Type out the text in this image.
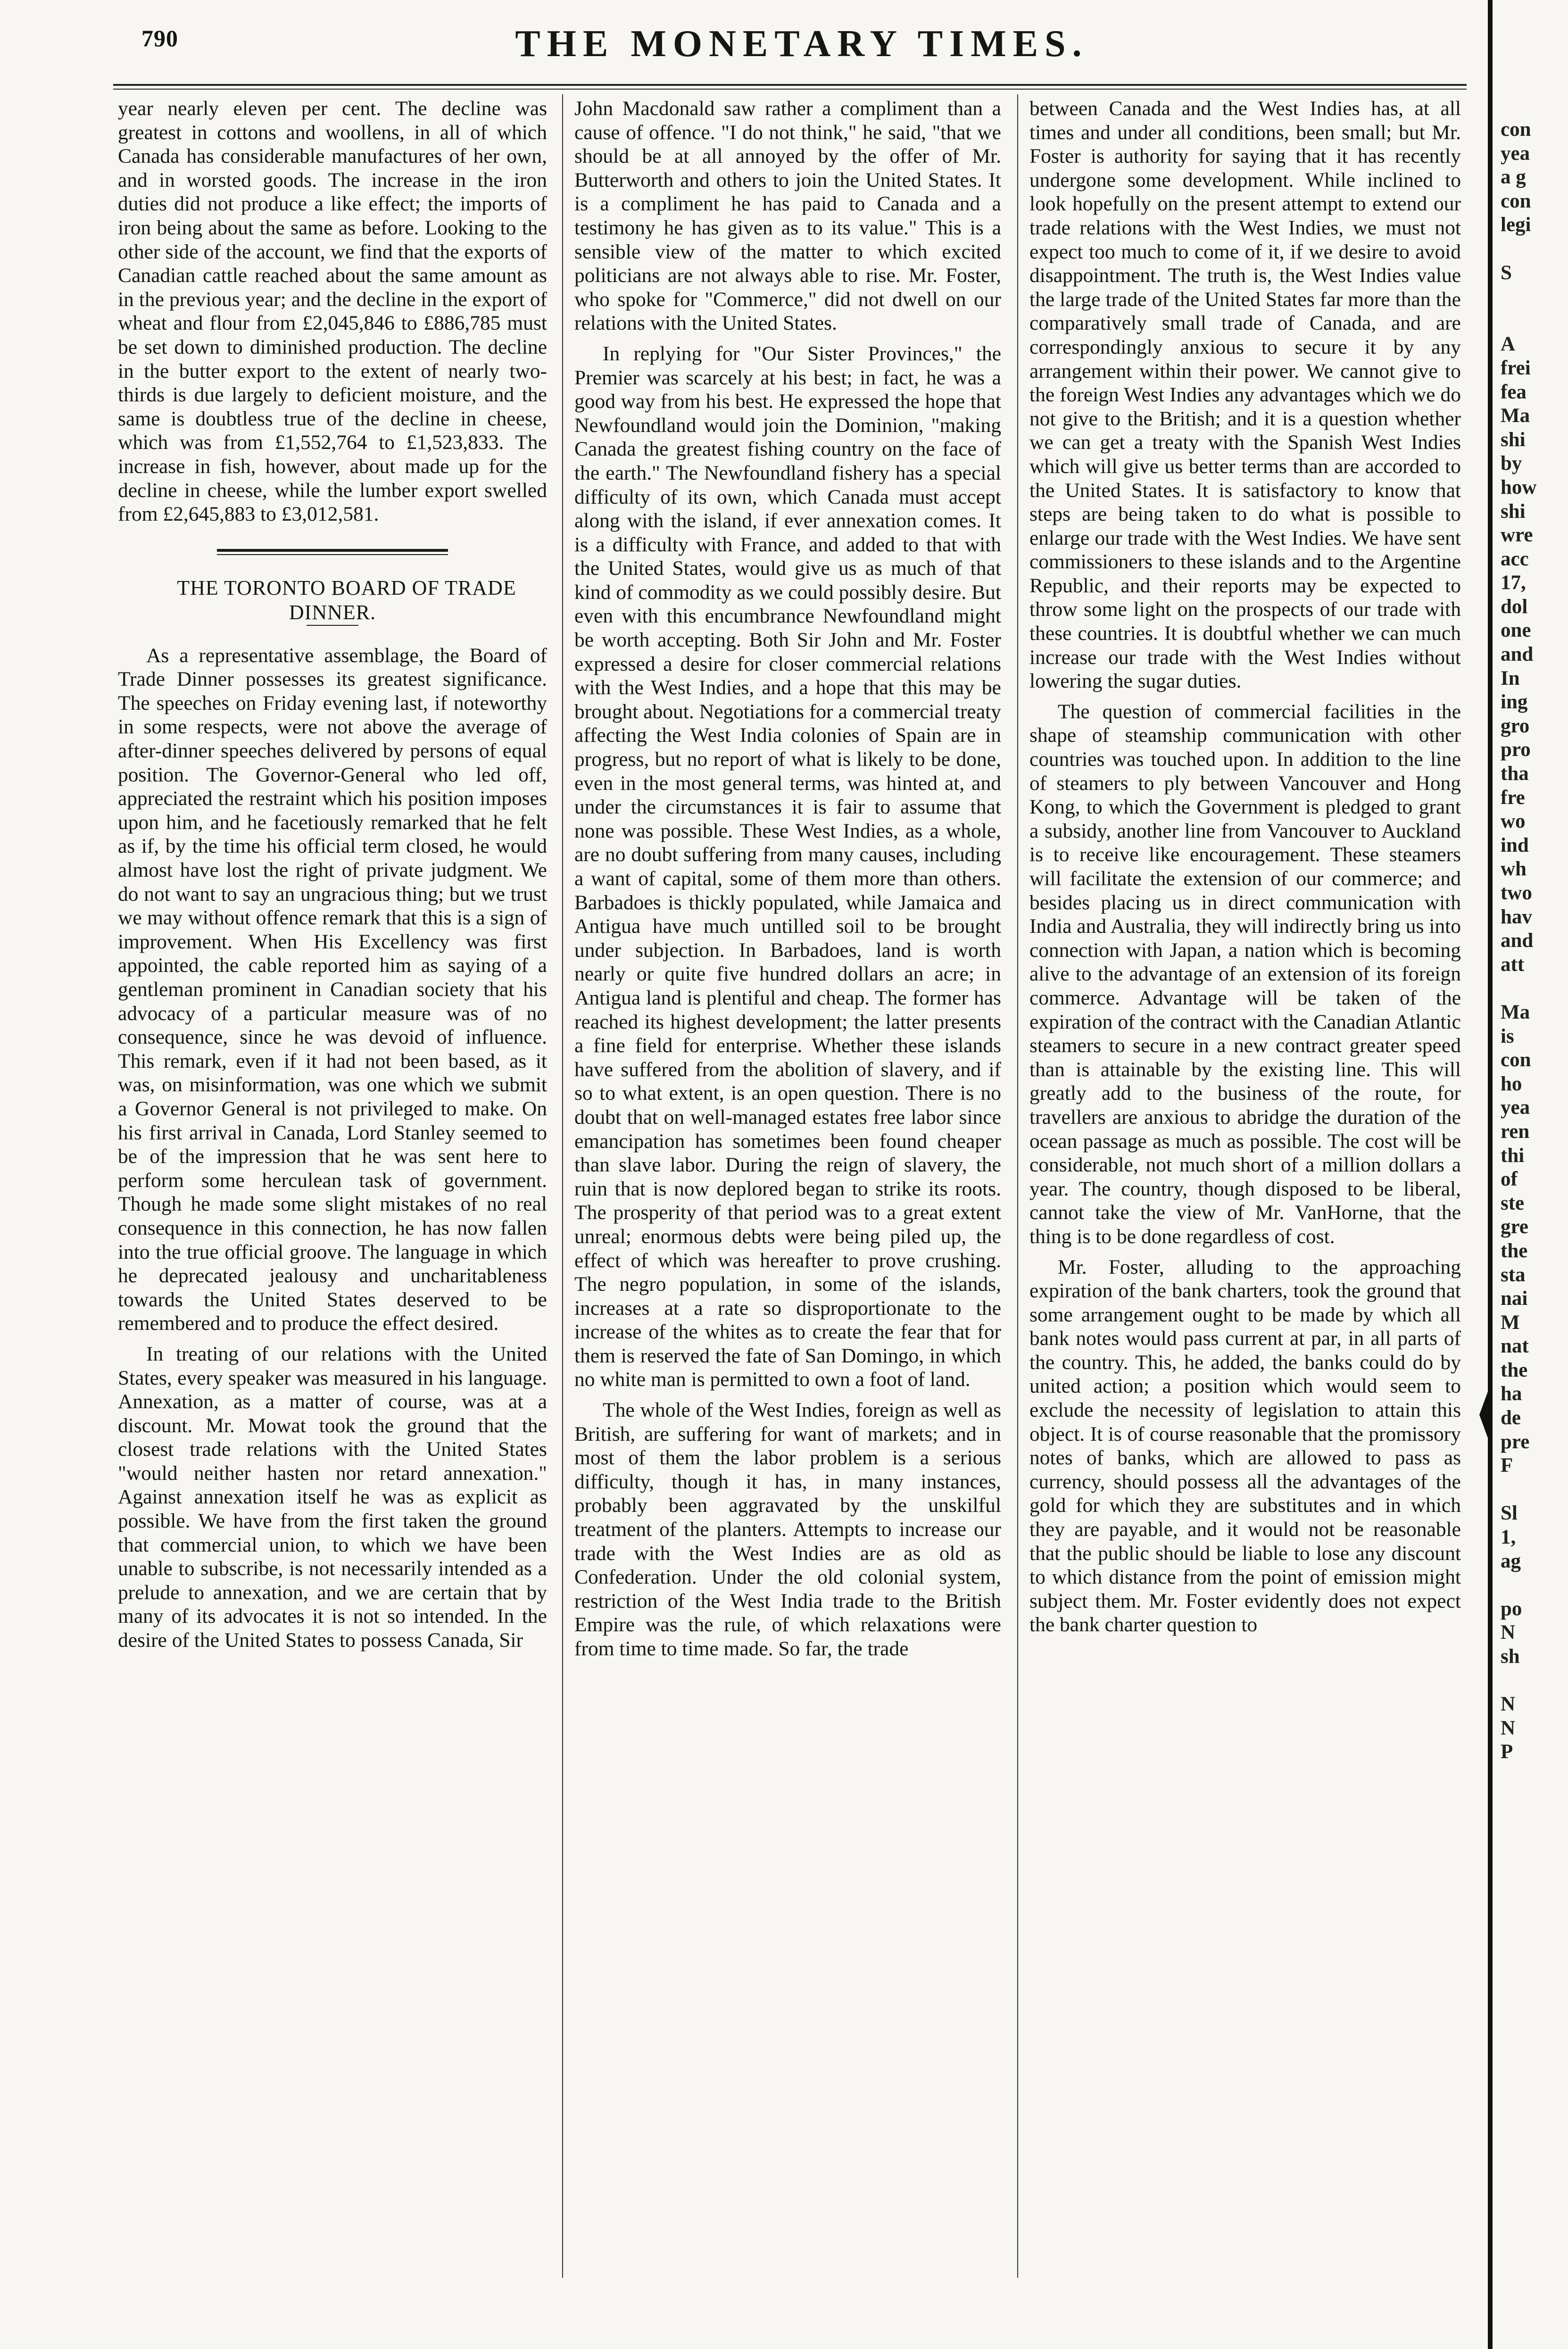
790	THE MONETARY TIMES.

year nearly eleven per cent. The decline was greatest in cottons and woollens, in all of which Canada has considerable manufactures of her own, and in worsted goods. The increase in the iron duties did not produce a like effect; the imports of iron being about the same as before. Looking to the other side of the account, we find that the exports of Canadian cattle reached about the same amount as in the previous year; and the decline in the export of wheat and flour from £2,045,846 to £886,785 must be set down to diminished production. The decline in the butter export to the extent of nearly two-thirds is due largely to deficient moisture, and the same is doubtless true of the decline in cheese, which was from £1,552,764 to £1,523,833. The increase in fish, however, about made up for the decline in cheese, while the lumber export swelled from £2,645,883 to £3,012,581.

THE TORONTO BOARD OF TRADE DINNER.

As a representative assemblage, the Board of Trade Dinner possesses its greatest significance. The speeches on Friday evening last, if noteworthy in some respects, were not above the average of after-dinner speeches delivered by persons of equal position. The Governor-General who led off, appreciated the restraint which his position imposes upon him, and he facetiously remarked that he felt as if, by the time his official term closed, he would almost have lost the right of private judgment. We do not want to say an ungracious thing; but we trust we may without offence remark that this is a sign of improvement. When His Excellency was first appointed, the cable reported him as saying of a gentleman prominent in Canadian society that his advocacy of a particular measure was of no consequence, since he was devoid of influence. This remark, even if it had not been based, as it was, on misinformation, was one which we submit a Governor General is not privileged to make. On his first arrival in Canada, Lord Stanley seemed to be of the impression that he was sent here to perform some herculean task of government. Though he made some slight mistakes of no real consequence in this connection, he has now fallen into the true official groove. The language in which he deprecated jealousy and uncharitableness towards the United States deserved to be remembered and to produce the effect desired.

In treating of our relations with the United States, every speaker was measured in his language. Annexation, as a matter of course, was at a discount. Mr. Mowat took the ground that the closest trade relations with the United States "would neither hasten nor retard annexation." Against annexation itself he was as explicit as possible. We have from the first taken the ground that commercial union, to which we have been unable to subscribe, is not necessarily intended as a prelude to annexation, and we are certain that by many of its advocates it is not so intended. In the desire of the United States to possess Canada, Sir

John Macdonald saw rather a compliment than a cause of offence. "I do not think," he said, "that we should be at all annoyed by the offer of Mr. Butterworth and others to join the United States. It is a compliment he has paid to Canada and a testimony he has given as to its value." This is a sensible view of the matter to which excited politicians are not always able to rise. Mr. Foster, who spoke for "Commerce," did not dwell on our relations with the United States.

In replying for "Our Sister Provinces," the Premier was scarcely at his best; in fact, he was a good way from his best. He expressed the hope that Newfoundland would join the Dominion, "making Canada the greatest fishing country on the face of the earth." The Newfoundland fishery has a special difficulty of its own, which Canada must accept along with the island, if ever annexation comes. It is a difficulty with France, and added to that with the United States, would give us as much of that kind of commodity as we could possibly desire. But even with this encumbrance Newfoundland might be worth accepting. Both Sir John and Mr. Foster expressed a desire for closer commercial relations with the West Indies, and a hope that this may be brought about. Negotiations for a commercial treaty affecting the West India colonies of Spain are in progress, but no report of what is likely to be done, even in the most general terms, was hinted at, and under the circumstances it is fair to assume that none was possible. These West Indies, as a whole, are no doubt suffering from many causes, including a want of capital, some of them more than others. Barbadoes is thickly populated, while Jamaica and Antigua have much untilled soil to be brought under subjection. In Barbadoes, land is worth nearly or quite five hundred dollars an acre; in Antigua land is plentiful and cheap. The former has reached its highest development; the latter presents a fine field for enterprise. Whether these islands have suffered from the abolition of slavery, and if so to what extent, is an open question. There is no doubt that on well-managed estates free labor since emancipation has sometimes been found cheaper than slave labor. During the reign of slavery, the ruin that is now deplored began to strike its roots. The prosperity of that period was to a great extent unreal; enormous debts were being piled up, the effect of which was hereafter to prove crushing. The negro population, in some of the islands, increases at a rate so disproportionate to the increase of the whites as to create the fear that for them is reserved the fate of San Domingo, in which no white man is permitted to own a foot of land.

The whole of the West Indies, foreign as well as British, are suffering for want of markets; and in most of them the labor problem is a serious difficulty, though it has, in many instances, probably been aggravated by the unskilful treatment of the planters. Attempts to increase our trade with the West Indies are as old as Confederation. Under the old colonial system, restriction of the West India trade to the British Empire was the rule, of which relaxations were from time to time made. So far, the trade

between Canada and the West Indies has, at all times and under all conditions, been small; but Mr. Foster is authority for saying that it has recently undergone some development. While inclined to look hopefully on the present attempt to extend our trade relations with the West Indies, we must not expect too much to come of it, if we desire to avoid disappointment. The truth is, the West Indies value the large trade of the United States far more than the comparatively small trade of Canada, and are correspondingly anxious to secure it by any arrangement within their power. We cannot give to the foreign West Indies any advantages which we do not give to the British; and it is a question whether we can get a treaty with the Spanish West Indies which will give us better terms than are accorded to the United States. It is satisfactory to know that steps are being taken to do what is possible to enlarge our trade with the West Indies. We have sent commissioners to these islands and to the Argentine Republic, and their reports may be expected to throw some light on the prospects of our trade with these countries. It is doubtful whether we can much increase our trade with the West Indies without lowering the sugar duties.

The question of commercial facilities in the shape of steamship communication with other countries was touched upon. In addition to the line of steamers to ply between Vancouver and Hong Kong, to which the Government is pledged to grant a subsidy, another line from Vancouver to Auckland is to receive like encouragement. These steamers will facilitate the extension of our commerce; and besides placing us in direct communication with India and Australia, they will indirectly bring us into connection with Japan, a nation which is becoming alive to the advantage of an extension of its foreign commerce. Advantage will be taken of the expiration of the contract with the Canadian Atlantic steamers to secure in a new contract greater speed than is attainable by the existing line. This will greatly add to the business of the route, for travellers are anxious to abridge the duration of the ocean passage as much as possible. The cost will be considerable, not much short of a million dollars a year. The country, though disposed to be liberal, cannot take the view of Mr. VanHorne, that the thing is to be done regardless of cost.

Mr. Foster, alluding to the approaching expiration of the bank charters, took the ground that some arrangement ought to be made by which all bank notes would pass current at par, in all parts of the country. This, he added, the banks could do by united action; a position which would seem to exclude the necessity of legislation to attain this object. It is of course reasonable that the promissory notes of banks, which are allowed to pass as currency, should possess all the advantages of the gold for which they are substitutes and in which they are payable, and it would not be reasonable that the public should be liable to lose any discount to which distance from the point of emission might subject them. Mr. Foster evidently does not expect the bank charter question to

con
yea
a g
con
legi
S
A
frei
fea
Ma
shi
by
how
shi
wre
acc
17,
dol
one
and
In
ing
gro
pro
tha
fre
wo
ind
wh
two
hav
and
att
Ma
is
con
ho
yea
ren
thi
of
ste
gre
the
sta
nai
M
nat
the
ha
de
pre
F
Sl
1,
ag
po
N
sh
N
N
P
